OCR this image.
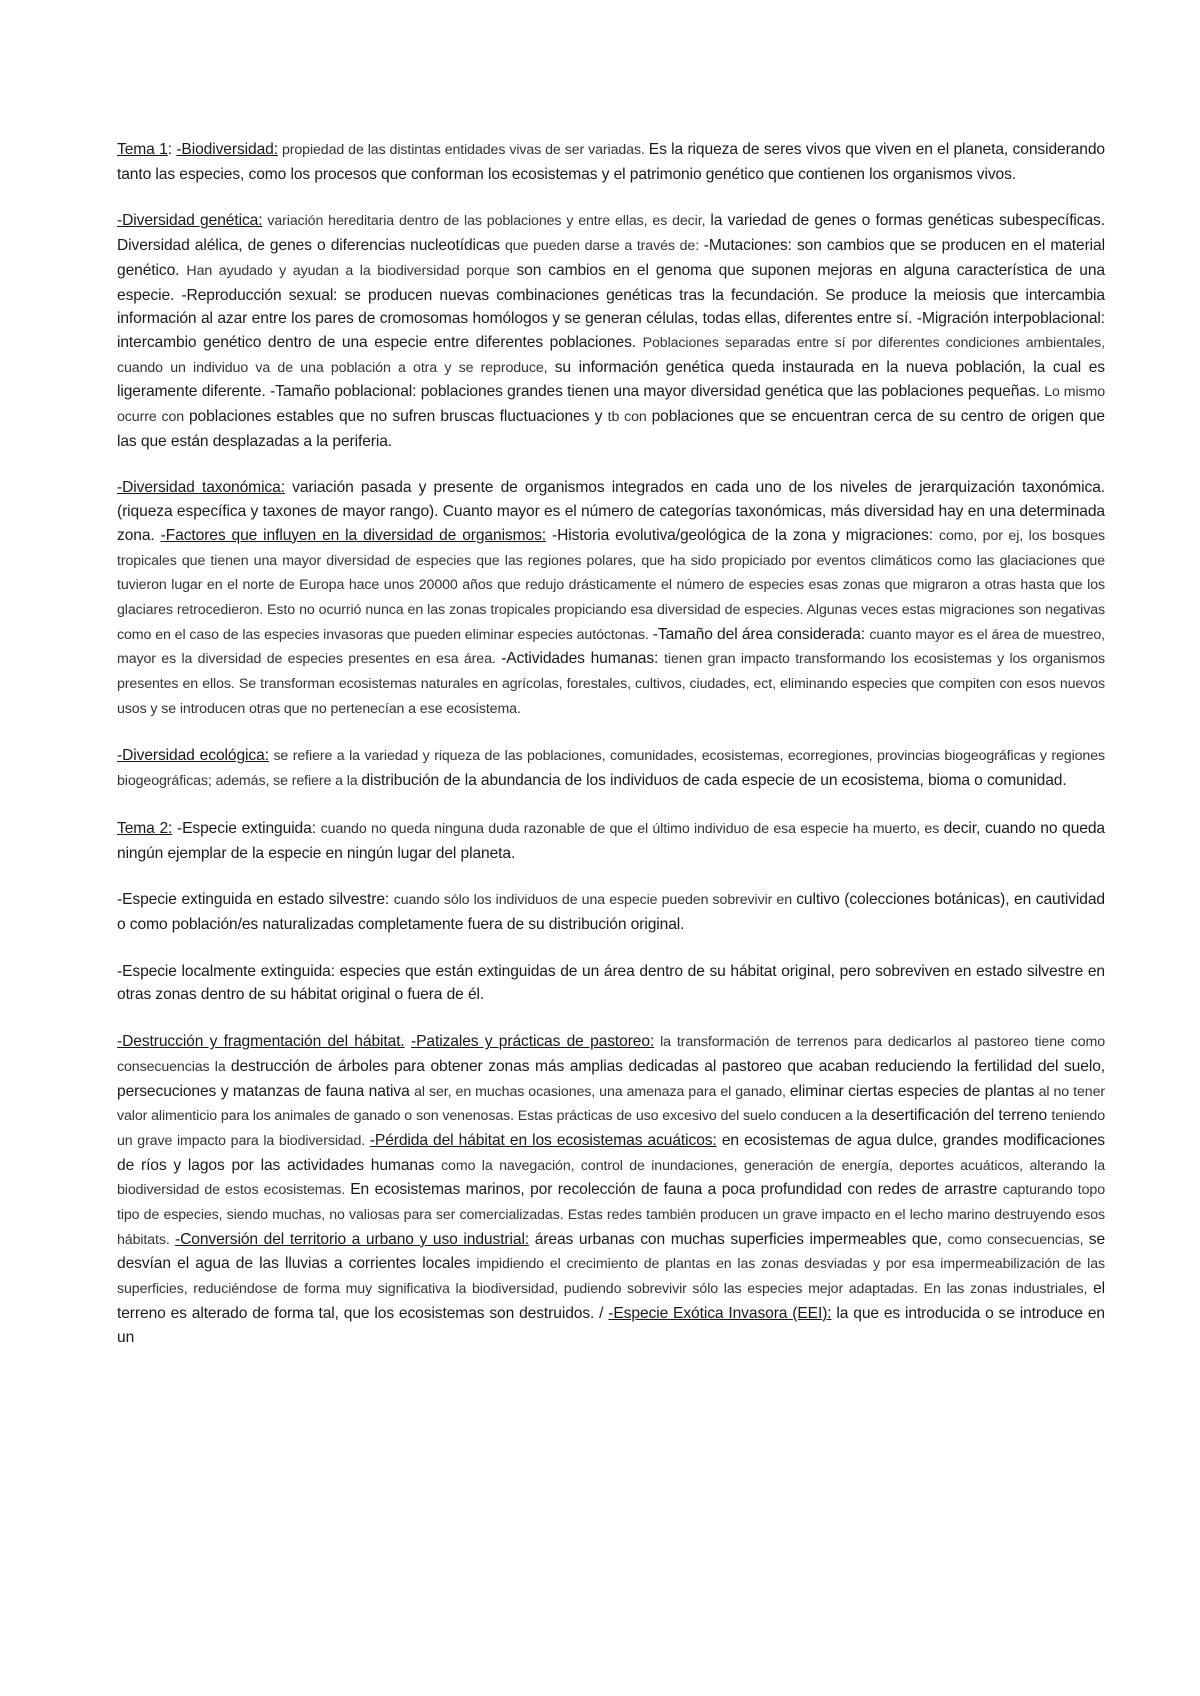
Tema 1: -Biodiversidad: propiedad de las distintas entidades vivas de ser variadas. Es la riqueza de seres vivos que viven en el planeta, considerando tanto las especies, como los procesos que conforman los ecosistemas y el patrimonio genético que contienen los organismos vivos.

-Diversidad genética: variación hereditaria dentro de las poblaciones y entre ellas, es decir, la variedad de genes o formas genéticas subespecíficas. Diversidad alélica, de genes o diferencias nucleotídicas que pueden darse a través de: -Mutaciones: son cambios que se producen en el material genético. Han ayudado y ayudan a la biodiversidad porque son cambios en el genoma que suponen mejoras en alguna característica de una especie. -Reproducción sexual: se producen nuevas combinaciones genéticas tras la fecundación. Se produce la meiosis que intercambia información al azar entre los pares de cromosomas homólogos y se generan células, todas ellas, diferentes entre sí. -Migración interpoblacional: intercambio genético dentro de una especie entre diferentes poblaciones. Poblaciones separadas entre sí por diferentes condiciones ambientales, cuando un individuo va de una población a otra y se reproduce, su información genética queda instaurada en la nueva población, la cual es ligeramente diferente. -Tamaño poblacional: poblaciones grandes tienen una mayor diversidad genética que las poblaciones pequeñas. Lo mismo ocurre con poblaciones estables que no sufren bruscas fluctuaciones y tb con poblaciones que se encuentran cerca de su centro de origen que las que están desplazadas a la periferia.

-Diversidad taxonómica: variación pasada y presente de organismos integrados en cada uno de los niveles de jerarquización taxonómica. (riqueza específica y taxones de mayor rango). Cuanto mayor es el número de categorías taxonómicas, más diversidad hay en una determinada zona. -Factores que influyen en la diversidad de organismos: -Historia evolutiva/geológica de la zona y migraciones: como, por ej, los bosques tropicales que tienen una mayor diversidad de especies que las regiones polares, que ha sido propiciado por eventos climáticos como las glaciaciones que tuvieron lugar en el norte de Europa hace unos 20000 años que redujo drásticamente el número de especies esas zonas que migraron a otras hasta que los glaciares retrocedieron. Esto no ocurrió nunca en las zonas tropicales propiciando esa diversidad de especies. Algunas veces estas migraciones son negativas como en el caso de las especies invasoras que pueden eliminar especies autóctonas. -Tamaño del área considerada: cuanto mayor es el área de muestreo, mayor es la diversidad de especies presentes en esa área. -Actividades humanas: tienen gran impacto transformando los ecosistemas y los organismos presentes en ellos. Se transforman ecosistemas naturales en agrícolas, forestales, cultivos, ciudades, ect, eliminando especies que compiten con esos nuevos usos y se introducen otras que no pertenecían a ese ecosistema.

-Diversidad ecológica: se refiere a la variedad y riqueza de las poblaciones, comunidades, ecosistemas, ecorregiones, provincias biogeográficas y regiones biogeográficas; además, se refiere a la distribución de la abundancia de los individuos de cada especie de un ecosistema, bioma o comunidad.

Tema 2: -Especie extinguida: cuando no queda ninguna duda razonable de que el último individuo de esa especie ha muerto, es decir, cuando no queda ningún ejemplar de la especie en ningún lugar del planeta.

-Especie extinguida en estado silvestre: cuando sólo los individuos de una especie pueden sobrevivir en cultivo (colecciones botánicas), en cautividad o como población/es naturalizadas completamente fuera de su distribución original.

-Especie localmente extinguida: especies que están extinguidas de un área dentro de su hábitat original, pero sobreviven en estado silvestre en otras zonas dentro de su hábitat original o fuera de él.

-Destrucción y fragmentación del hábitat. -Patizales y prácticas de pastoreo: la transformación de terrenos para dedicarlos al pastoreo tiene como consecuencias la destrucción de árboles para obtener zonas más amplias dedicadas al pastoreo que acaban reduciendo la fertilidad del suelo, persecuciones y matanzas de fauna nativa al ser, en muchas ocasiones, una amenaza para el ganado, eliminar ciertas especies de plantas al no tener valor alimenticio para los animales de ganado o son venenosas. Estas prácticas de uso excesivo del suelo conducen a la desertificación del terreno teniendo un grave impacto para la biodiversidad. -Pérdida del hábitat en los ecosistemas acuáticos: en ecosistemas de agua dulce, grandes modificaciones de ríos y lagos por las actividades humanas como la navegación, control de inundaciones, generación de energía, deportes acuáticos, alterando la biodiversidad de estos ecosistemas. En ecosistemas marinos, por recolección de fauna a poca profundidad con redes de arrastre capturando topo tipo de especies, siendo muchas, no valiosas para ser comercializadas. Estas redes también producen un grave impacto en el lecho marino destruyendo esos hábitats. -Conversión del territorio a urbano y uso industrial: áreas urbanas con muchas superficies impermeables que, como consecuencias, se desvían el agua de las lluvias a corrientes locales impidiendo el crecimiento de plantas en las zonas desviadas y por esa impermeabilización de las superficies, reduciéndose de forma muy significativa la biodiversidad, pudiendo sobrevivir sólo las especies mejor adaptadas. En las zonas industriales, el terreno es alterado de forma tal, que los ecosistemas son destruidos. / -Especie Exótica Invasora (EEI): la que es introducida o se introduce en un
